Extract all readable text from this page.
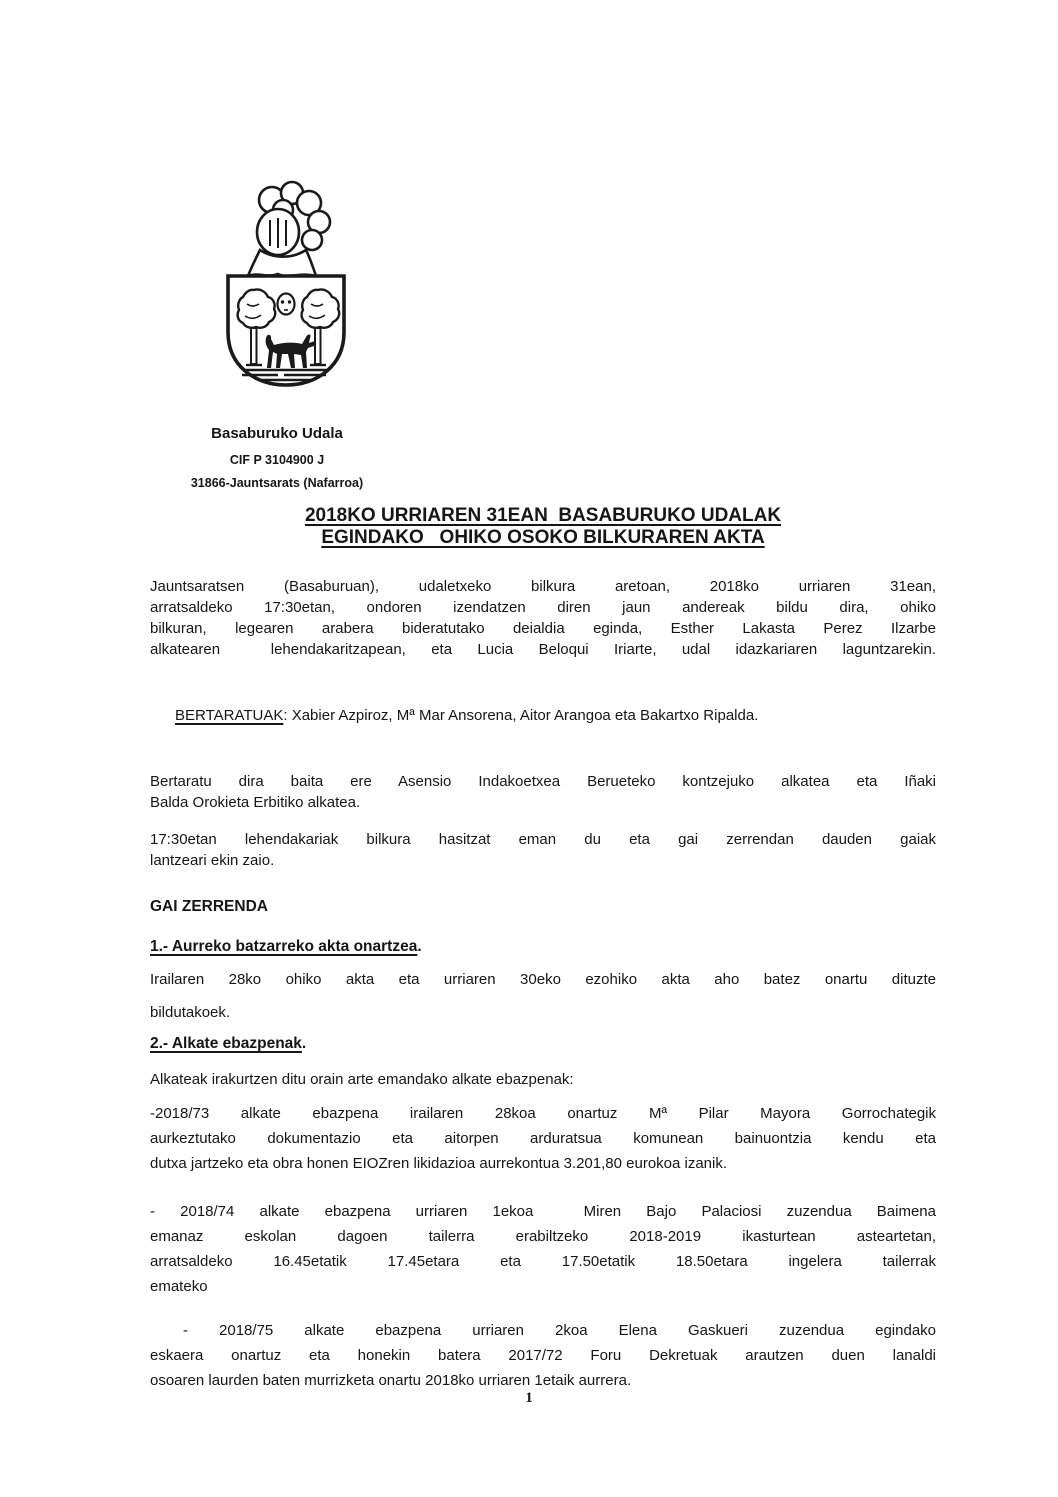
Basaburuko Udala
CIF P 3104900 J
31866-Jauntsarats (Nafarroa)
2018KO URRIAREN 31EAN  BASABURUKO UDALAK
EGINDAKO   OHIKO OSOKO BILKURAREN AKTA
Jauntsaratsen (Basaburuan), udaletxeko bilkura aretoan, 2018ko urriaren 31ean,
arratsaldeko 17:30etan, ondoren izendatzen diren jaun andereak bildu dira, ohiko
bilkuran, legearen arabera bideratutako deialdia eginda, Esther Lakasta Perez Ilzarbe
alkatearen  lehendakaritzapean, eta Lucia Beloqui Iriarte, udal idazkariaren laguntzarekin.

BERTARATUAK: Xabier Azpiroz, Mª Mar Ansorena, Aitor Arangoa eta Bakartxo Ripalda.

Bertaratu dira baita ere Asensio Indakoetxea Berueteko kontzejuko alkatea eta Iñaki
Balda Orokieta Erbitiko alkatea.
17:30etan lehendakariak bilkura hasitzat eman du eta gai zerrendan dauden gaiak
lantzeari ekin zaio.
GAI ZERRENDA
1.- Aurreko batzarreko akta onartzea.
Irailaren 28ko ohiko akta eta urriaren 30eko ezohiko akta aho batez onartu dituzte
bildutakoek.
2.- Alkate ebazpenak.
Alkateak irakurtzen ditu orain arte emandako alkate ebazpenak:
-2018/73 alkate ebazpena irailaren 28koa onartuz Mª Pilar Mayora Gorrochategik
aurkeztutako dokumentazio eta aitorpen arduratsua komunean bainuontzia kendu eta
dutxa jartzeko eta obra honen EIOZren likidazioa aurrekontua 3.201,80 eurokoa izanik.
- 2018/74 alkate ebazpena urriaren 1ekoa  Miren Bajo Palaciosi zuzendua Baimena
emanaz eskolan dagoen tailerra erabiltzeko 2018-2019 ikasturtean asteartetan,
arratsaldeko 16.45etatik 17.45etara eta 17.50etatik 18.50etara ingelera tailerrak
emateko
- 2018/75 alkate ebazpena urriaren 2koa Elena Gaskueri zuzendua egindako
eskaera onartuz eta honekin batera 2017/72 Foru Dekretuak arautzen duen lanaldi
osoaren laurden baten murrizketa onartu 2018ko urriaren 1etaik aurrera.
1
